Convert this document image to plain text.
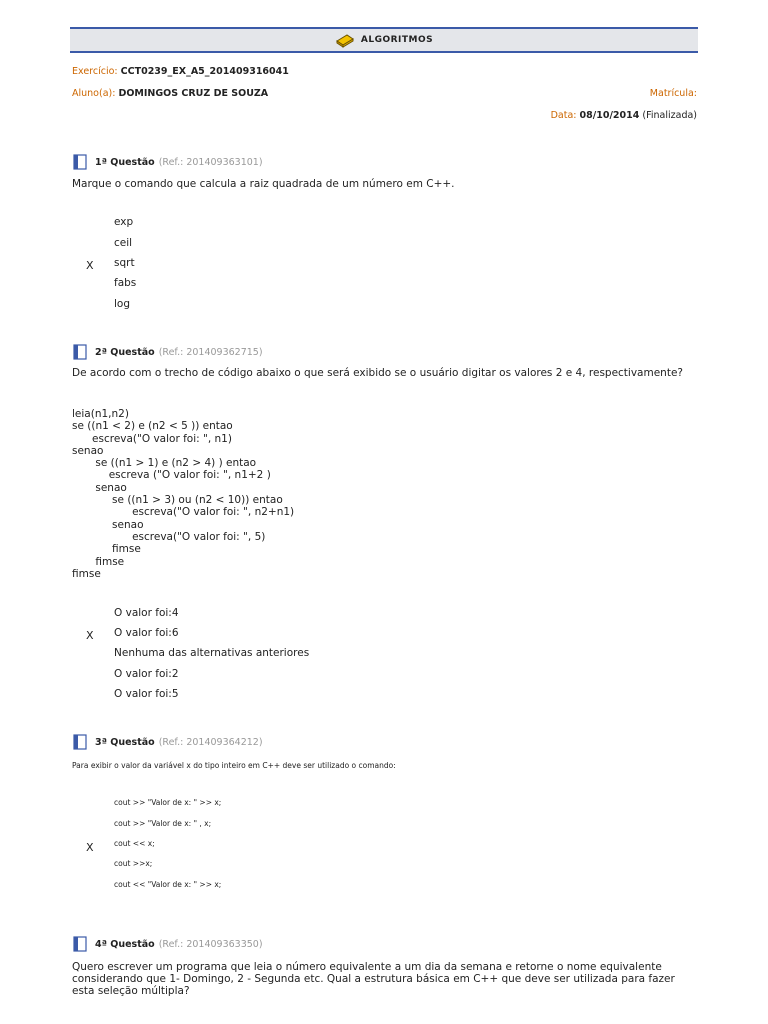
ALGORITMOS
Exercício: CCT0239_EX_A5_201409316041
Aluno(a): DOMINGOS CRUZ DE SOUZA	Matrícula:
Data: 08/10/2014 (Finalizada)
1ª Questão (Ref.: 201409363101)
Marque o comando que calcula a raiz quadrada de um número em C++.
exp
ceil
X sqrt
fabs
log
2ª Questão (Ref.: 201409362715)
De acordo com o trecho de código abaixo o que será exibido se o usuário digitar os valores 2 e 4, respectivamente?
leia(n1,n2)
se ((n1 < 2) e (n2 < 5 )) entao
escreva("O valor foi: ", n1)
senao
se ((n1 > 1) e (n2 > 4) ) entao
escreva ("O valor foi: ", n1+2 )
senao
se ((n1 > 3) ou (n2 < 10)) entao
escreva("O valor foi: ", n2+n1)
senao
escreva("O valor foi: ", 5)
fimse
fimse
fimse
O valor foi:4
X O valor foi:6
Nenhuma das alternativas anteriores
O valor foi:2
O valor foi:5
3ª Questão (Ref.: 201409364212)
Para exibir o valor da variável x do tipo inteiro em C++ deve ser utilizado o comando:
cout >> "Valor de x: " >> x;
cout >> "Valor de x: " , x;
X	cout << x;
cout >>x;
cout << "Valor de x: " >> x;
4ª Questão (Ref.: 201409363350)
Quero escrever um programa que leia o número equivalente a um dia da semana e retorne o nome equivalente
considerando que 1- Domingo, 2 - Segunda etc. Qual a estrutura básica em C++ que deve ser utilizada para fazer
esta seleção múltipla?
